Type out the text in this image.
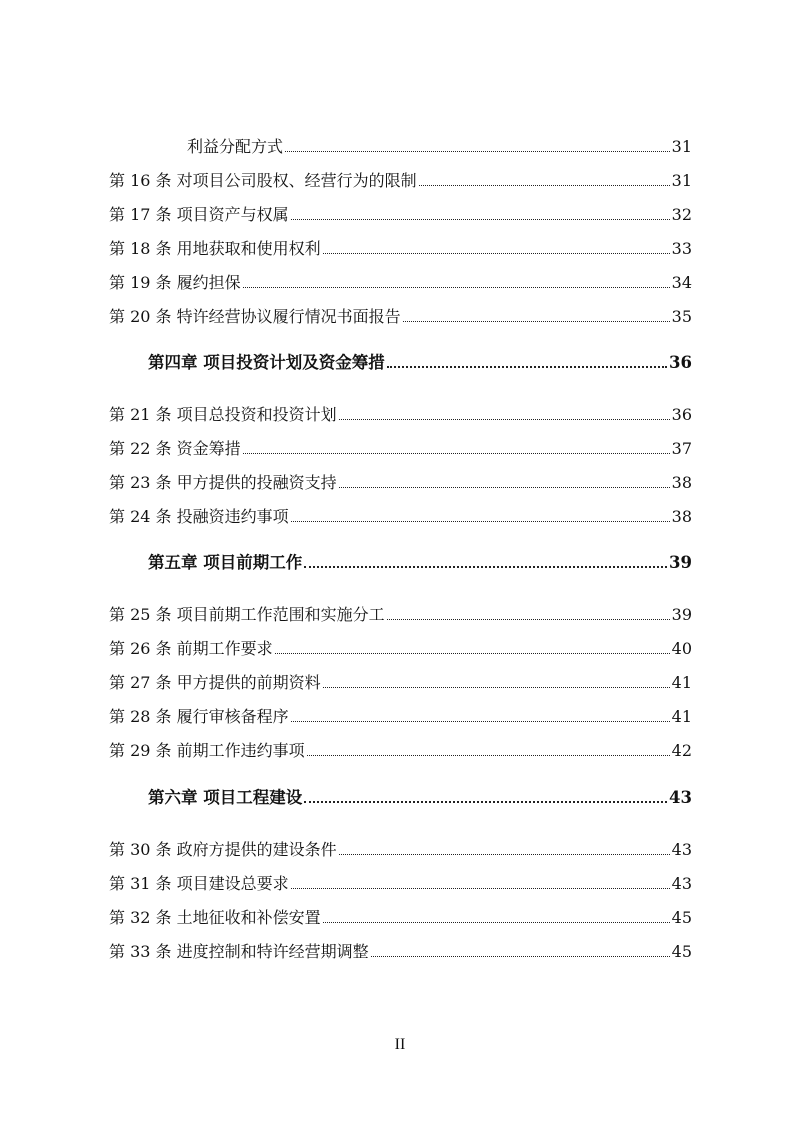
利益分配方式	31
第 16 条 对项目公司股权、经营行为的限制	31
第 17 条 项目资产与权属	32
第 18 条 用地获取和使用权利	33
第 19 条 履约担保	34
第 20 条 特许经营协议履行情况书面报告	35
第四章 项目投资计划及资金筹措	36
第 21 条 项目总投资和投资计划	36
第 22 条 资金筹措	37
第 23 条 甲方提供的投融资支持	38
第 24 条 投融资违约事项	38
第五章 项目前期工作	39
第 25 条 项目前期工作范围和实施分工	39
第 26 条 前期工作要求	40
第 27 条 甲方提供的前期资料	41
第 28 条 履行审核备程序	41
第 29 条 前期工作违约事项	42
第六章 项目工程建设	43
第 30 条 政府方提供的建设条件	43
第 31 条 项目建设总要求	43
第 32 条 土地征收和补偿安置	45
第 33 条 进度控制和特许经营期调整	45
II
